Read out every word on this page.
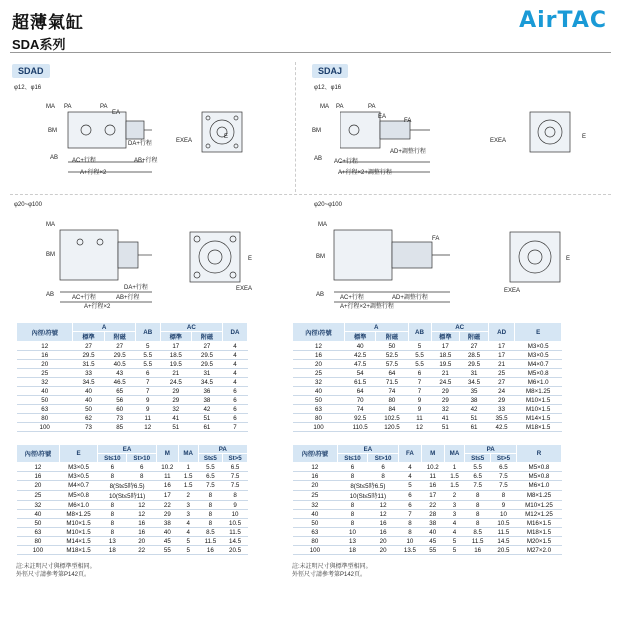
超薄氣缸
SDA系列
AirTAC
SDAD	SDAJ
φ12、φ16	φ12、φ16
φ20~φ100	φ20~φ100
MA PA	PA
DA+行程
EA
BM
AC+行程	AB+行程
A+行程×2
AB
E
EXEA
MA PA	PA
FA
AD+調整行程
EA
BM
AC+行程
AB
A+行程×2+調整行程
E
EXEA
MA
BM
AB	AC+行程	AB+行程
A+行程×2
DA+行程
E
EXEA
MA
FA
BM
AB	AC+行程	AD+調整行程
A+行程×2+調整行程
E
EXEA
內徑\符號	A		AB	AC		DA
	標準	附磁		標準	附磁	
12	27	27	5	17	27	4
16	29.5	29.5	5.5	18.5	29.5	4
20	31.5	40.5	5.5	19.5	29.5	4
25	33	43	6	21	31	4
32	34.5	46.5	7	24.5	34.5	4
40	40	65	7	29	36	6
50	40	56	9	29	38	6
63	50	60	9	32	42	6
80	62	73	11	41	51	6
100	73	85	12	51	61	7
內徑\符號	E	EA		M	MA	PA	
		St≤10	St>10			St≤5	St>5
12	M3×0.5	6	6	10.2	1	5.5	6.5
16	M3×0.5	8	8	11	1.5	6.5	7.5
20	M4×0.7	8(St≤5時6.5)		16	1.5	7.5	7.5
25	M5×0.8	10(St≤5時11)		17	2	8	8
32	M6×1.0	8	12	22	3	8	9
40	M8×1.25	8	12	29	3	8	10
50	M10×1.5	8	16	38	4	8	10.5
63	M10×1.5	8	16	40	4	8.5	11.5
80	M14×1.5	13	20	45	5	11.5	14.5
100	M18×1.5	18	22	55	5	16	20.5
內徑\符號	A		AB	AC		AD	E
	標準	附磁		標準	附磁		
12	40	50	5	17	27	17	M3×0.5
16	42.5	52.5	5.5	18.5	28.5	17	M3×0.5
20	47.5	57.5	5.5	19.5	29.5	21	M4×0.7
25	54	64	6	21	31	25	M5×0.8
32	61.5	71.5	7	24.5	34.5	27	M6×1.0
40	64	74	7	29	35	24	M8×1.25
50	70	80	9	29	38	29	M10×1.5
63	74	84	9	32	42	33	M10×1.5
80	92.5	102.5	11	41	51	35.5	M14×1.5
100	110.5	120.5	12	51	61	42.5	M18×1.5
內徑\符號	EA		FA	M	MA	PA		R
	St≤10	St>10				St≤5	St>5	
12	6	6	4	10.2	1	5.5	6.5	M5×0.8
16	8	8	4	11	1.5	6.5	7.5	M5×0.8
20	8(St≤5時6.5)		5	16	1.5	7.5	7.5	M6×1.0
25	10(St≤5時11)		6	17	2	8	8	M8×1.25
32	8	12	6	22	3	8	9	M10×1.25
40	8	12	7	28	3	8	10	M12×1.25
50	8	16	8	38	4	8	10.5	M16×1.5
63	10	16	8	40	4	8.5	11.5	M18×1.5
80	13	20	10	45	5	11.5	14.5	M20×1.5
100	18	20	13.5	55	5	16	20.5	M27×2.0
註:未註明尺寸與標準型相同。
外徑尺寸請參考第P142頁。
註:未註明尺寸與標準型相同。
外徑尺寸請參考第P142頁。
